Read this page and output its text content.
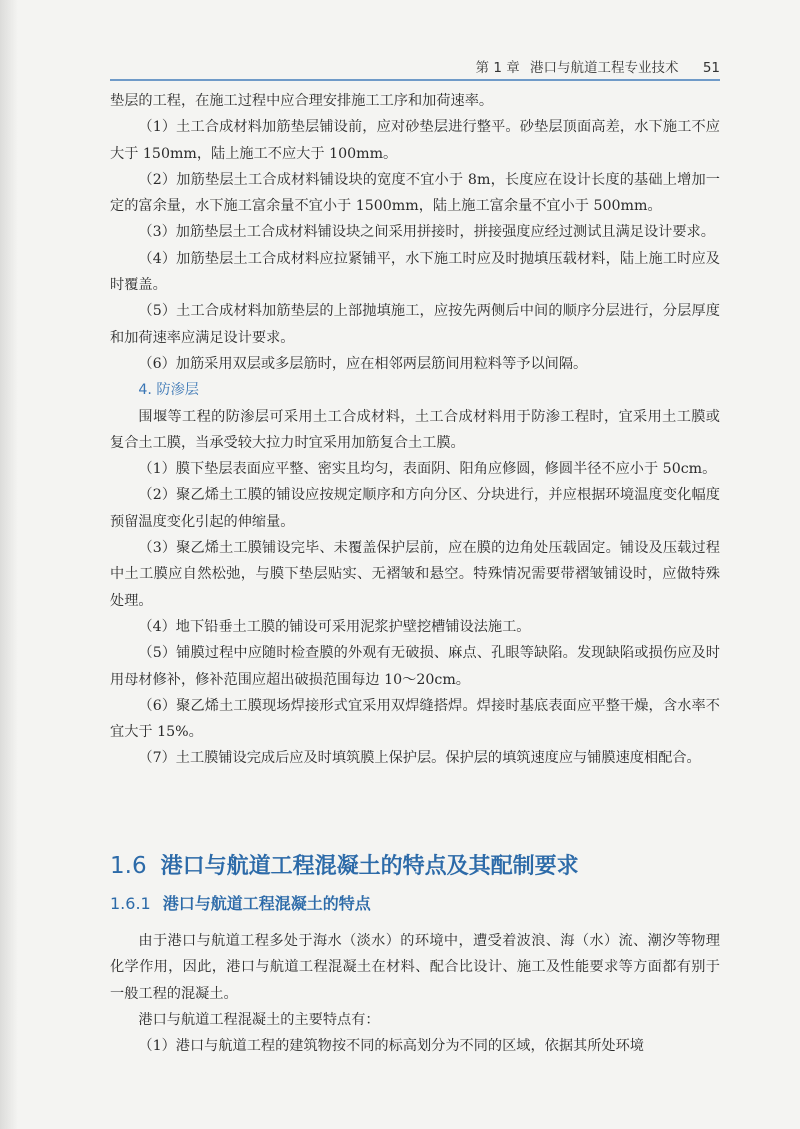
第 1 章 港口与航道工程专业技术 51

垫层的工程，在施工过程中应合理安排施工工序和加荷速率。

（1）土工合成材料加筋垫层铺设前，应对砂垫层进行整平。砂垫层顶面高差，水下施工不应大于 150mm，陆上施工不应大于 100mm。

（2）加筋垫层土工合成材料铺设块的宽度不宜小于 8m，长度应在设计长度的基础上增加一定的富余量，水下施工富余量不宜小于 1500mm，陆上施工富余量不宜小于 500mm。

（3）加筋垫层土工合成材料铺设块之间采用拼接时，拼接强度应经过测试且满足设计要求。

（4）加筋垫层土工合成材料应拉紧铺平，水下施工时应及时抛填压载材料，陆上施工时应及时覆盖。

（5）土工合成材料加筋垫层的上部抛填施工，应按先两侧后中间的顺序分层进行，分层厚度和加荷速率应满足设计要求。

（6）加筋采用双层或多层筋时，应在相邻两层筋间用粒料等予以间隔。

4. 防渗层

围堰等工程的防渗层可采用土工合成材料，土工合成材料用于防渗工程时，宜采用土工膜或复合土工膜，当承受较大拉力时宜采用加筋复合土工膜。

（1）膜下垫层表面应平整、密实且均匀，表面阴、阳角应修圆，修圆半径不应小于 50cm。

（2）聚乙烯土工膜的铺设应按规定顺序和方向分区、分块进行，并应根据环境温度变化幅度预留温度变化引起的伸缩量。

（3）聚乙烯土工膜铺设完毕、未覆盖保护层前，应在膜的边角处压载固定。铺设及压载过程中土工膜应自然松弛，与膜下垫层贴实、无褶皱和悬空。特殊情况需要带褶皱铺设时，应做特殊处理。

（4）地下铅垂土工膜的铺设可采用泥浆护壁挖槽铺设法施工。

（5）铺膜过程中应随时检查膜的外观有无破损、麻点、孔眼等缺陷。发现缺陷或损伤应及时用母材修补，修补范围应超出破损范围每边 10～20cm。

（6）聚乙烯土工膜现场焊接形式宜采用双焊缝搭焊。焊接时基底表面应平整干燥，含水率不宜大于 15%。

（7）土工膜铺设完成后应及时填筑膜上保护层。保护层的填筑速度应与铺膜速度相配合。

1.6 港口与航道工程混凝土的特点及其配制要求
1.6.1 港口与航道工程混凝土的特点

由于港口与航道工程多处于海水（淡水）的环境中，遭受着波浪、海（水）流、潮汐等物理化学作用，因此，港口与航道工程混凝土在材料、配合比设计、施工及性能要求等方面都有别于一般工程的混凝土。

港口与航道工程混凝土的主要特点有：

（1）港口与航道工程的建筑物按不同的标高划分为不同的区域，依据其所处环境
